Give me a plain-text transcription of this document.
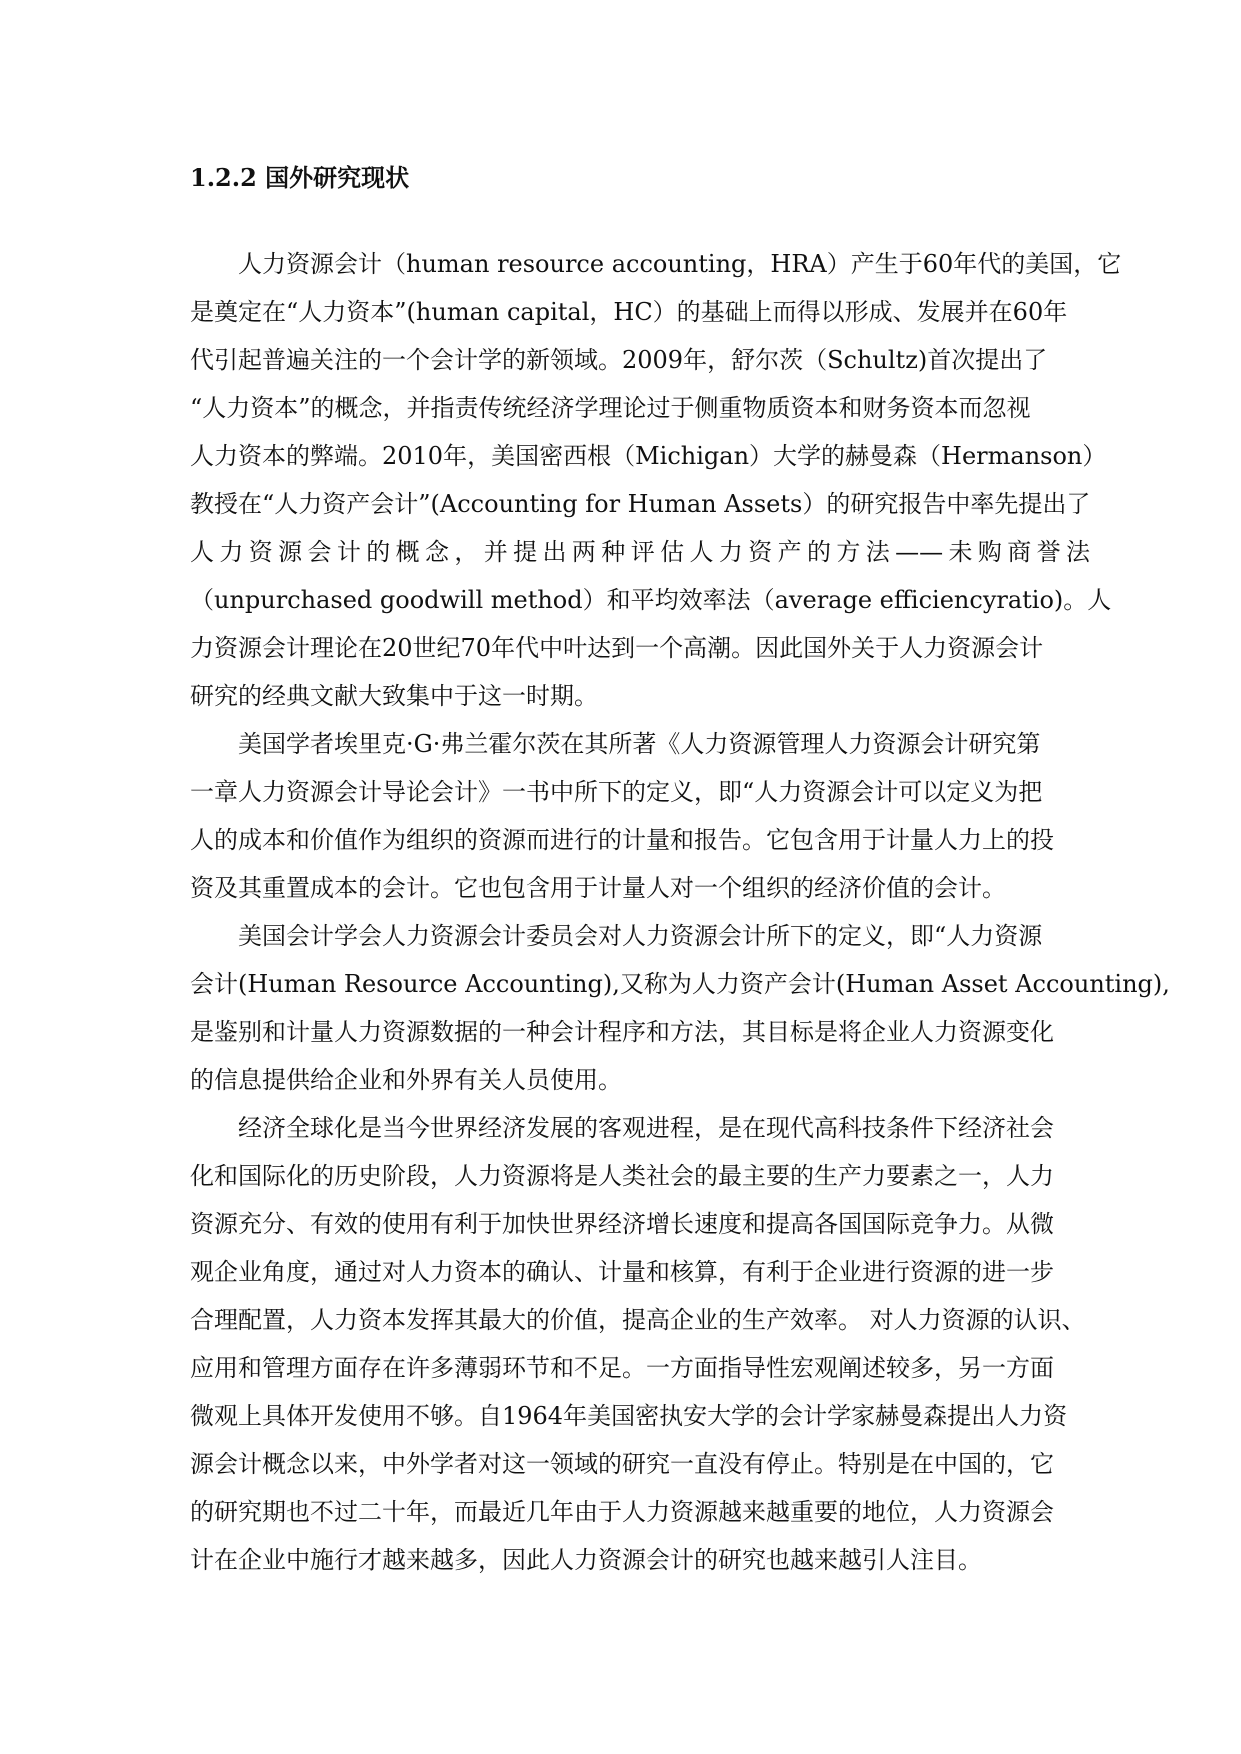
1.2.2 国外研究现状
人力资源会计（human resource accounting，HRA）产生于60年代的美国，它
是奠定在“人力资本”(human capital，HC）的基础上而得以形成、发展并在60年
代引起普遍关注的一个会计学的新领域。2009年，舒尔茨（Schultz)首次提出了
“人力资本”的概念，并指责传统经济学理论过于侧重物质资本和财务资本而忽视
人力资本的弊端。2010年，美国密西根（Michigan）大学的赫曼森（Hermanson）
教授在“人力资产会计”(Accounting for Human Assets）的研究报告中率先提出了
人力资源会计的概念，并提出两种评估人力资产的方法——未购商誉法
（unpurchased goodwill method）和平均效率法（average efficiencyratio)。人
力资源会计理论在20世纪70年代中叶达到一个高潮。因此国外关于人力资源会计
研究的经典文献大致集中于这一时期。
美国学者埃里克·G·弗兰霍尔茨在其所著《人力资源管理人力资源会计研究第
一章人力资源会计导论会计》一书中所下的定义，即“人力资源会计可以定义为把
人的成本和价值作为组织的资源而进行的计量和报告。它包含用于计量人力上的投
资及其重置成本的会计。它也包含用于计量人对一个组织的经济价值的会计。
美国会计学会人力资源会计委员会对人力资源会计所下的定义，即“人力资源
会计(Human Resource Accounting),又称为人力资产会计(Human Asset Accounting),
是鉴别和计量人力资源数据的一种会计程序和方法，其目标是将企业人力资源变化
的信息提供给企业和外界有关人员使用。
经济全球化是当今世界经济发展的客观进程，是在现代高科技条件下经济社会
化和国际化的历史阶段，人力资源将是人类社会的最主要的生产力要素之一，人力
资源充分、有效的使用有利于加快世界经济增长速度和提高各国国际竞争力。从微
观企业角度，通过对人力资本的确认、计量和核算，有利于企业进行资源的进一步
合理配置，人力资本发挥其最大的价值，提高企业的生产效率。 对人力资源的认识、
应用和管理方面存在许多薄弱环节和不足。一方面指导性宏观阐述较多，另一方面
微观上具体开发使用不够。自1964年美国密执安大学的会计学家赫曼森提出人力资
源会计概念以来，中外学者对这一领域的研究一直没有停止。特别是在中国的，它
的研究期也不过二十年，而最近几年由于人力资源越来越重要的地位，人力资源会
计在企业中施行才越来越多，因此人力资源会计的研究也越来越引人注目。
